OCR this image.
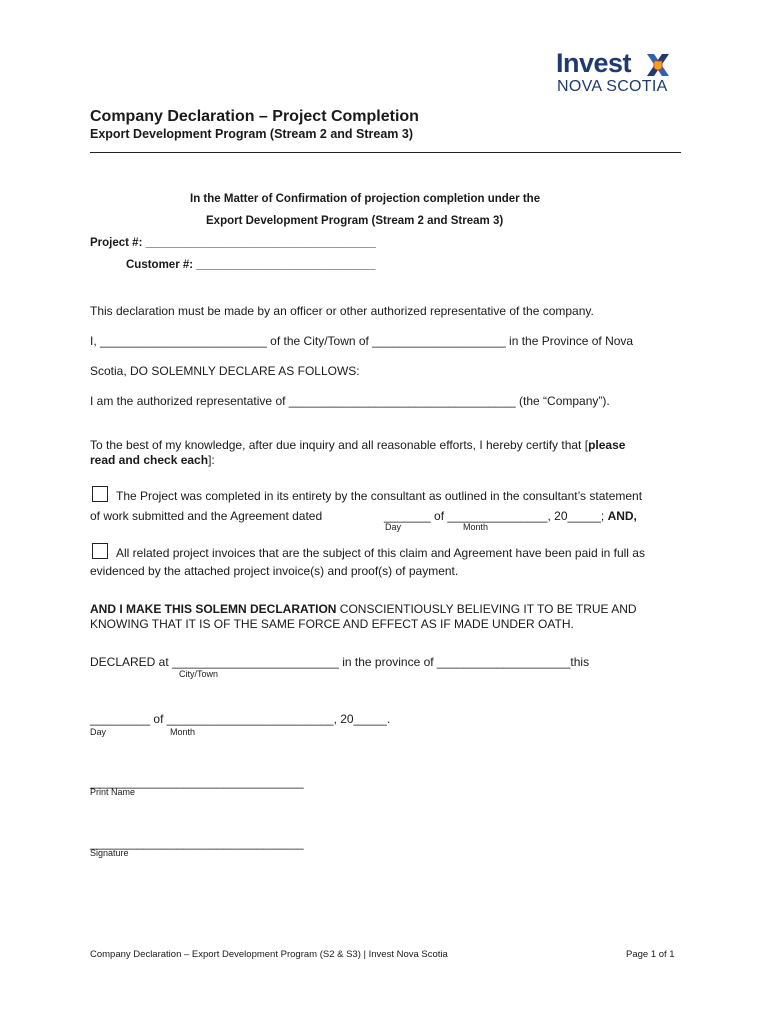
Invest
NOVA SCOTIA
Company Declaration – Project Completion
Export Development Program (Stream 2 and Stream 3)
In the Matter of Confirmation of projection completion under the
Export Development Program (Stream 2 and Stream 3)
Project #: ____________________________________
Customer #: ____________________________
This declaration must be made by an officer or other authorized representative of the company.
I, _________________________ of the City/Town of ____________________ in the Province of Nova
Scotia, DO SOLEMNLY DECLARE AS FOLLOWS:
I am the authorized representative of __________________________________ (the “Company”).
To the best of my knowledge, after due inquiry and all reasonable efforts, I hereby certify that [please
read and check each]:
The Project was completed in its entirety by the consultant as outlined in the consultant’s statement
of work submitted and the Agreement dated	_______ of _______________, 20_____; AND,
Day	Month
All related project invoices that are the subject of this claim and Agreement have been paid in full as
evidenced by the attached project invoice(s) and proof(s) of payment.
AND I MAKE THIS SOLEMN DECLARATION CONSCIENTIOUSLY BELIEVING IT TO BE TRUE AND
KNOWING THAT IT IS OF THE SAME FORCE AND EFFECT AS IF MADE UNDER OATH.
DECLARED at _________________________ in the province of ____________________this
City/Town
_________ of _________________________, 20_____.
Day	Month
________________________________
Print Name
________________________________
Signature
Company Declaration – Export Development Program (S2 & S3) | Invest Nova Scotia	Page 1 of 1
